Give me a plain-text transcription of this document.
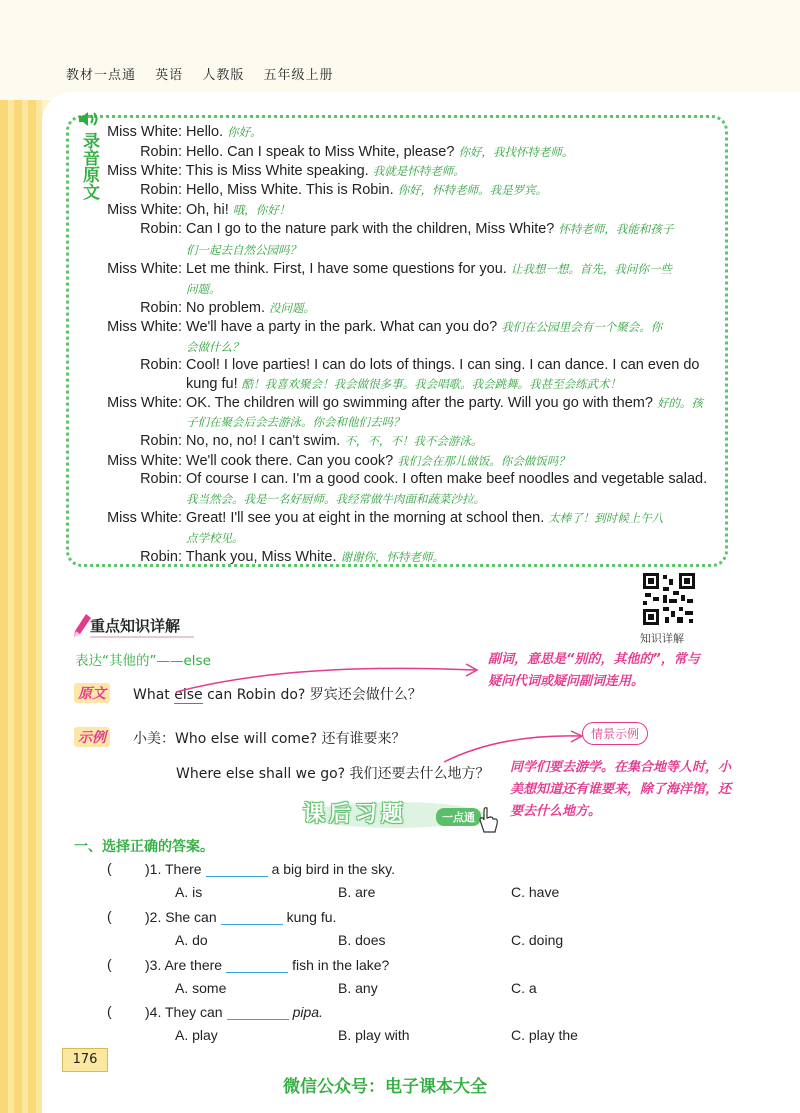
教材一点通 英语 人教版 五年级上册
录音原文 Miss White: Hello. 你好。
Robin: Hello. Can I speak to Miss White, please? 你好，我找怀特老师。
Miss White: This is Miss White speaking. 我就是怀特老师。
Robin: Hello, Miss White. This is Robin. 你好，怀特老师。我是罗宾。
Miss White: Oh, hi! 哦，你好！
Robin: Can I go to the nature park with the children, Miss White? 怀特老师，我能和孩子
们一起去自然公园吗？
Miss White: Let me think. First, I have some questions for you. 让我想一想。首先，我问你一些
问题。
Robin: No problem. 没问题。
Miss White: We'll have a party in the park. What can you do? 我们在公园里会有一个聚会。你
会做什么？
Robin: Cool! I love parties! I can do lots of things. I can sing. I can dance. I can even do
kung fu! 酷！我喜欢聚会！我会做很多事。我会唱歌。我会跳舞。我甚至会练武术！
Miss White: OK. The children will go swimming after the party. Will you go with them? 好的。孩
子们在聚会后会去游泳。你会和他们去吗？
Robin: No, no, no! I can't swim. 不，不，不！我不会游泳。
Miss White: We'll cook there. Can you cook? 我们会在那儿做饭。你会做饭吗？
Robin: Of course I can. I'm a good cook. I often make beef noodles and vegetable salad.
我当然会。我是一名好厨师。我经常做牛肉面和蔬菜沙拉。
Miss White: Great! I'll see you at eight in the morning at school then. 太棒了！到时候上午八
点学校见。
Robin: Thank you, Miss White. 谢谢你，怀特老师。
知识详解
重点知识详解
表达“其他的”——else
原文 What else can Robin do? 罗宾还会做什么？
副词，意思是“别的，其他的”，常与疑问代词或疑问副词连用。
示例 小美：Who else will come? 还有谁要来？
Where else shall we go? 我们还要去什么地方？
情景示例
同学们要去游学。在集合地等人时，小美想知道还有谁要来，除了海洋馆，还要去什么地方。
课后习题	一点通
一、选择正确的答案。
( )1. There	a big bird in the sky.
A. is	B. are	C. have
( )2. She can	kung fu.
A. do	B. does	C. doing
( )3. Are there	fish in the lake?
A. some	B. any	C. a
( )4. They can	pipa.
A. play	B. play with	C. play the
176
微信公众号：电子课本大全
